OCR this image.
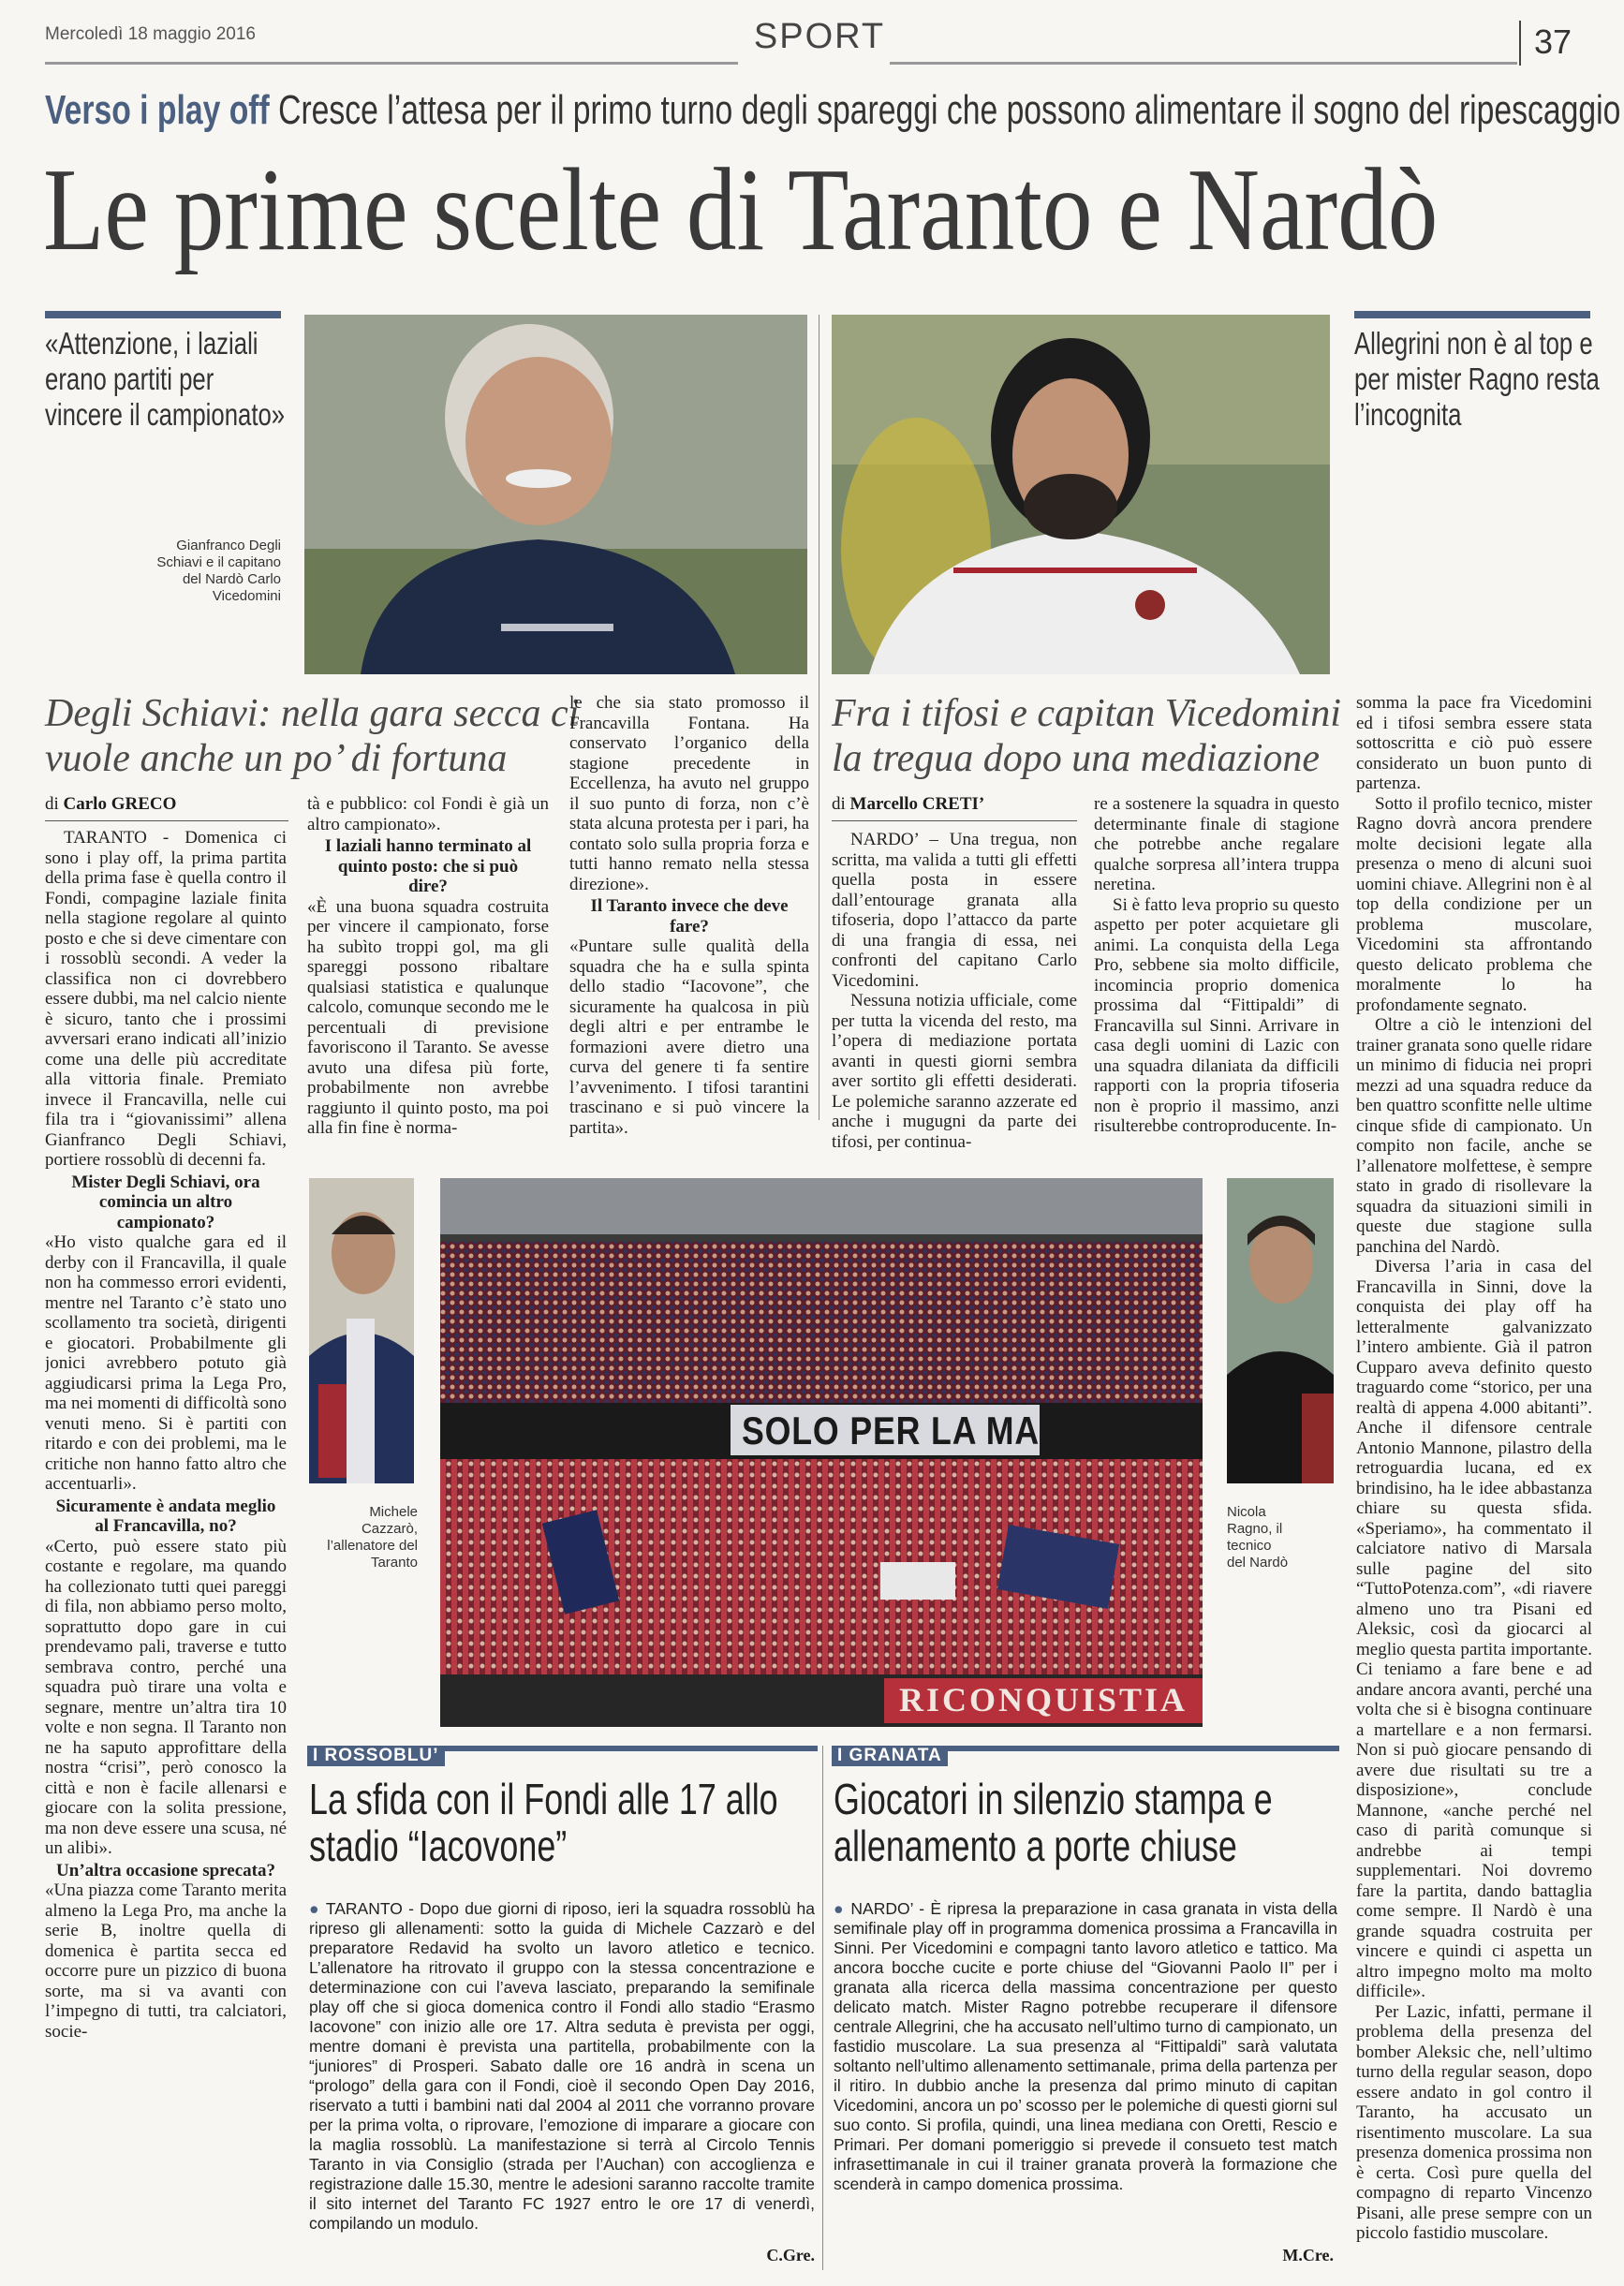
Mercoledì 18 maggio 2016	SPORT	37
Verso i play off Cresce l’attesa per il primo turno degli spareggi che possono alimentare il sogno del ripescaggio
Le prime scelte di Taranto e Nardò
«Attenzione, i laziali erano partiti per vincere il campionato»
Gianfranco Degli Schiavi e il capitano del Nardò Carlo Vicedomini
Allegrini non è al top e per mister Ragno resta l’incognita
Degli Schiavi: nella gara secca ci vuole anche un po’ di fortuna
di Carlo GRECO

TARANTO - Domenica ci sono i play off, la prima partita della prima fase è quella contro il Fondi, compagine laziale finita nella stagione regolare al quinto posto e che si deve cimentare con i rossoblù secondi. A veder la classifica non ci dovrebbero essere dubbi, ma nel calcio niente è sicuro, tanto che i prossimi avversari erano indicati all’inizio come una delle più accreditate alla vittoria finale. Premiato invece il Francavilla, nelle cui fila tra i “giovanissimi” allena Gianfranco Degli Schiavi, portiere rossoblù di decenni fa.

Mister Degli Schiavi, ora comincia un altro campionato?

«Ho visto qualche gara ed il derby con il Francavilla, il quale non ha commesso errori evidenti, mentre nel Taranto c’è stato uno scollamento tra società, dirigenti e giocatori. Probabilmente gli jonici avrebbero potuto già aggiudicarsi prima la Lega Pro, ma nei momenti di difficoltà sono venuti meno. Si è partiti con ritardo e con dei problemi, ma le critiche non hanno fatto altro che accentuarli».

Sicuramente è andata meglio al Francavilla, no?

«Certo, può essere stato più costante e regolare, ma quando ha collezionato tutti quei pareggi di fila, non abbiamo perso molto, soprattutto dopo gare in cui prendevamo pali, traverse e tutto sembrava contro, perché una squadra può tirare una volta e segnare, mentre un’altra tira 10 volte e non segna. Il Taranto non ne ha saputo approfittare della nostra “crisi”, però conosco la città e non è facile allenarsi e giocare con la solita pressione, ma non deve essere una scusa, né un alibi».

Un’altra occasione sprecata?

«Una piazza come Taranto merita almeno la Lega Pro, ma anche la serie B, inoltre quella di domenica è partita secca ed occorre pure un pizzico di buona sorte, ma si va avanti con l’impegno di tutti, tra calciatori, socie-

tà e pubblico: col Fondi è già un altro campionato».

I laziali hanno terminato al quinto posto: che si può dire?

«È una buona squadra costruita per vincere il campionato, forse ha subìto troppi gol, ma gli spareggi possono ribaltare qualsiasi statistica e qualunque calcolo, comunque secondo me le percentuali di previsione favoriscono il Taranto. Se avesse avuto una difesa più forte, probabilmente non avrebbe raggiunto il quinto posto, ma poi alla fin fine è norma-

le che sia stato promosso il Francavilla Fontana. Ha conservato l’organico della stagione precedente in Eccellenza, ha avuto nel gruppo il suo punto di forza, non c’è stata alcuna protesta per i pari, ha contato solo sulla propria forza e tutti hanno remato nella stessa direzione».

Il Taranto invece che deve fare?

«Puntare sulle qualità della squadra che ha e sulla spinta dello stadio “Iacovone”, che sicuramente ha qualcosa in più degli altri e per entrambe le formazioni avere dietro una curva del genere ti fa sentire l’avvenimento. I tifosi tarantini trascinano e si può vincere la partita».

Fra i tifosi e capitan Vicedomini la tregua dopo una mediazione
di Marcello CRETI’

NARDO’ – Una tregua, non scritta, ma valida a tutti gli effetti quella posta in essere dall’entourage granata alla tifoseria, dopo l’attacco da parte di una frangia di essa, nei confronti del capitano Carlo Vicedomini.

Nessuna notizia ufficiale, come per tutta la vicenda del resto, ma l’opera di mediazione portata avanti in questi giorni sembra aver sortito gli effetti desiderati. Le polemiche saranno azzerate ed anche i mugugni da parte dei tifosi, per continua-

re a sostenere la squadra in questo determinante finale di stagione che potrebbe anche regalare qualche sorpresa all’intera truppa neretina.

Si è fatto leva proprio su questo aspetto per poter acquietare gli animi. La conquista della Lega Pro, sebbene sia molto difficile, incomincia proprio domenica prossima dal “Fittipaldi” di Francavilla sul Sinni. Arrivare in casa degli uomini di Lazic con una squadra dilaniata da difficili rapporti con la propria tifoseria non è proprio il massimo, anzi risulterebbe controproducente. In-

somma la pace fra Vicedomini ed i tifosi sembra essere stata sottoscritta e ciò può essere considerato un buon punto di partenza.

Sotto il profilo tecnico, mister Ragno dovrà ancora prendere molte decisioni legate alla presenza o meno di alcuni suoi uomini chiave. Allegrini non è al top della condizione per un problema muscolare, Vicedomini sta affrontando questo delicato problema che moralmente lo ha profondamente segnato.

Oltre a ciò le intenzioni del trainer granata sono quelle ridare un minimo di fiducia nei propri mezzi ad una squadra reduce da ben quattro sconfitte nelle ultime cinque sfide di campionato. Un compito non facile, anche se l’allenatore molfettese, è sempre stato in grado di risollevare la squadra da situazioni simili in queste due stagione sulla panchina del Nardò.

Diversa l’aria in casa del Francavilla in Sinni, dove la conquista dei play off ha letteralmente galvanizzato l’intero ambiente. Già il patron Cupparo aveva definito questo traguardo come “storico, per una realtà di appena 4.000 abitanti”. Anche il difensore centrale Antonio Mannone, pilastro della retroguardia lucana, ed ex brindisino, ha le idee abbastanza chiare su questa sfida. «Speriamo», ha commentato il calciatore nativo di Marsala sulle pagine del sito “TuttoPotenza.com”, «di riavere almeno uno tra Pisani ed Aleksic, così da giocarci al meglio questa partita importante. Ci teniamo a fare bene e ad andare ancora avanti, perché una volta che si è bisogna continuare a martellare e a non fermarsi. Non si può giocare pensando di avere due risultati su tre a disposizione», conclude Mannone, «anche perché nel caso di parità comunque si andrebbe ai tempi supplementari. Noi dovremo fare la partita, dando battaglia come sempre. Il Nardò è una grande squadra costruita per vincere e quindi ci aspetta un altro impegno molto ma molto difficile».

Per Lazic, infatti, permane il problema della presenza del bomber Aleksic che, nell’ultimo turno della regular season, dopo essere andato in gol contro il Taranto, ha accusato un risentimento muscolare. La sua presenza domenica prossima non è certa. Così pure quella del compagno di reparto Vincenzo Pisani, alle prese sempre con un piccolo fastidio muscolare.

Michele Cazzarò, l’allenatore del Taranto
SOLO PER LA MA
RICONQUISTIA
Nicola Ragno, il tecnico del Nardò
I ROSSOBLU’
La sfida con il Fondi alle 17 allo stadio “Iacovone”
● TARANTO - Dopo due giorni di riposo, ieri la squadra rossoblù ha ripreso gli allenamenti: sotto la guida di Michele Cazzarò e del preparatore Redavid ha svolto un lavoro atletico e tecnico. L’allenatore ha ritrovato il gruppo con la stessa concentrazione e determinazione con cui l’aveva lasciato, preparando la semifinale play off che si gioca domenica contro il Fondi allo stadio “Erasmo Iacovone” con inizio alle ore 17. Altra seduta è prevista per oggi, mentre domani è prevista una partitella, probabilmente con la “juniores” di Prosperi. Sabato dalle ore 16 andrà in scena un “prologo” della gara con il Fondi, cioè il secondo Open Day 2016, riservato a tutti i bambini nati dal 2004 al 2011 che vorranno provare per la prima volta, o riprovare, l’emozione di imparare a giocare con la maglia rossoblù. La manifestazione si terrà al Circolo Tennis Taranto in via Consiglio (strada per l’Auchan) con accoglienza e registrazione dalle 15.30, mentre le adesioni saranno raccolte tramite il sito internet del Taranto FC 1927 entro le ore 17 di venerdì, compilando un modulo.
C.Gre.
I GRANATA
Giocatori in silenzio stampa e allenamento a porte chiuse
● NARDO’ - È ripresa la preparazione in casa granata in vista della semifinale play off in programma domenica prossima a Francavilla in Sinni. Per Vicedomini e compagni tanto lavoro atletico e tattico. Ma ancora bocche cucite e porte chiuse del “Giovanni Paolo II” per i granata alla ricerca della massima concentrazione per questo delicato match. Mister Ragno potrebbe recuperare il difensore centrale Allegrini, che ha accusato nell’ultimo turno di campionato, un fastidio muscolare. La sua presenza al “Fittipaldi” sarà valutata soltanto nell’ultimo allenamento settimanale, prima della partenza per il ritiro. In dubbio anche la presenza dal primo minuto di capitan Vicedomini, ancora un po’ scosso per le polemiche di questi giorni sul suo conto. Si profila, quindi, una linea mediana con Oretti, Rescio e Primari. Per domani pomeriggio si prevede il consueto test match infrasettimanale in cui il trainer granata proverà la formazione che scenderà in campo domenica prossima.
M.Cre.
